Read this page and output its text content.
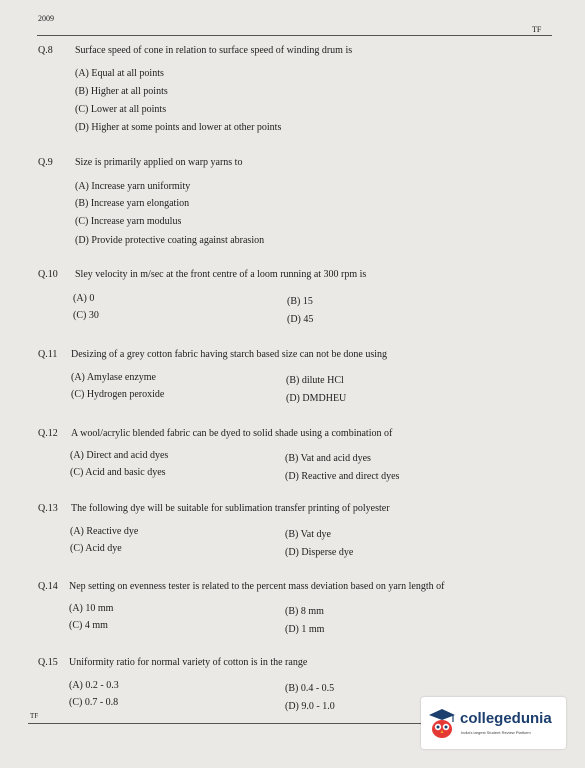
2009
TF
Q.8	Surface speed of cone in relation to surface speed of winding drum is
(A) Equal at all points
(B) Higher at all points
(C) Lower at all points
(D) Higher at some points and lower at other points
Q.9	Size is primarily applied on warp yarns to
(A) Increase yarn uniformity
(B) Increase yarn elongation
(C) Increase yarn modulus
(D) Provide protective coating against abrasion
Q.10	Sley velocity in m/sec at the front centre of a loom running at 300 rpm is
(A) 0	(B) 15
(C) 30	(D) 45
Q.11	Desizing of a grey cotton fabric having starch based size can not be done using
(A) Amylase enzyme	(B) dilute HCl
(C) Hydrogen peroxide	(D) DMDHEU
Q.12	A wool/acrylic blended fabric can be dyed to solid shade using a combination of
(A) Direct and acid dyes	(B) Vat and acid dyes
(C) Acid and basic dyes	(D) Reactive and direct dyes
Q.13	The following dye will be suitable for sublimation transfer printing of polyester
(A) Reactive dye	(B) Vat dye
(C) Acid dye	(D) Disperse dye
Q.14	Nep setting on evenness tester is related to the percent mass deviation based on yarn length of
(A) 10 mm	(B) 8 mm
(C) 4 mm	(D) 1 mm
Q.15	Uniformity ratio for normal variety of cotton is in the range
(A) 0.2 - 0.3	(B) 0.4 - 0.5
(C) 0.7 - 0.8	(D) 9.0 - 1.0
TF	collegedunia
India's largest Student Review Platform
